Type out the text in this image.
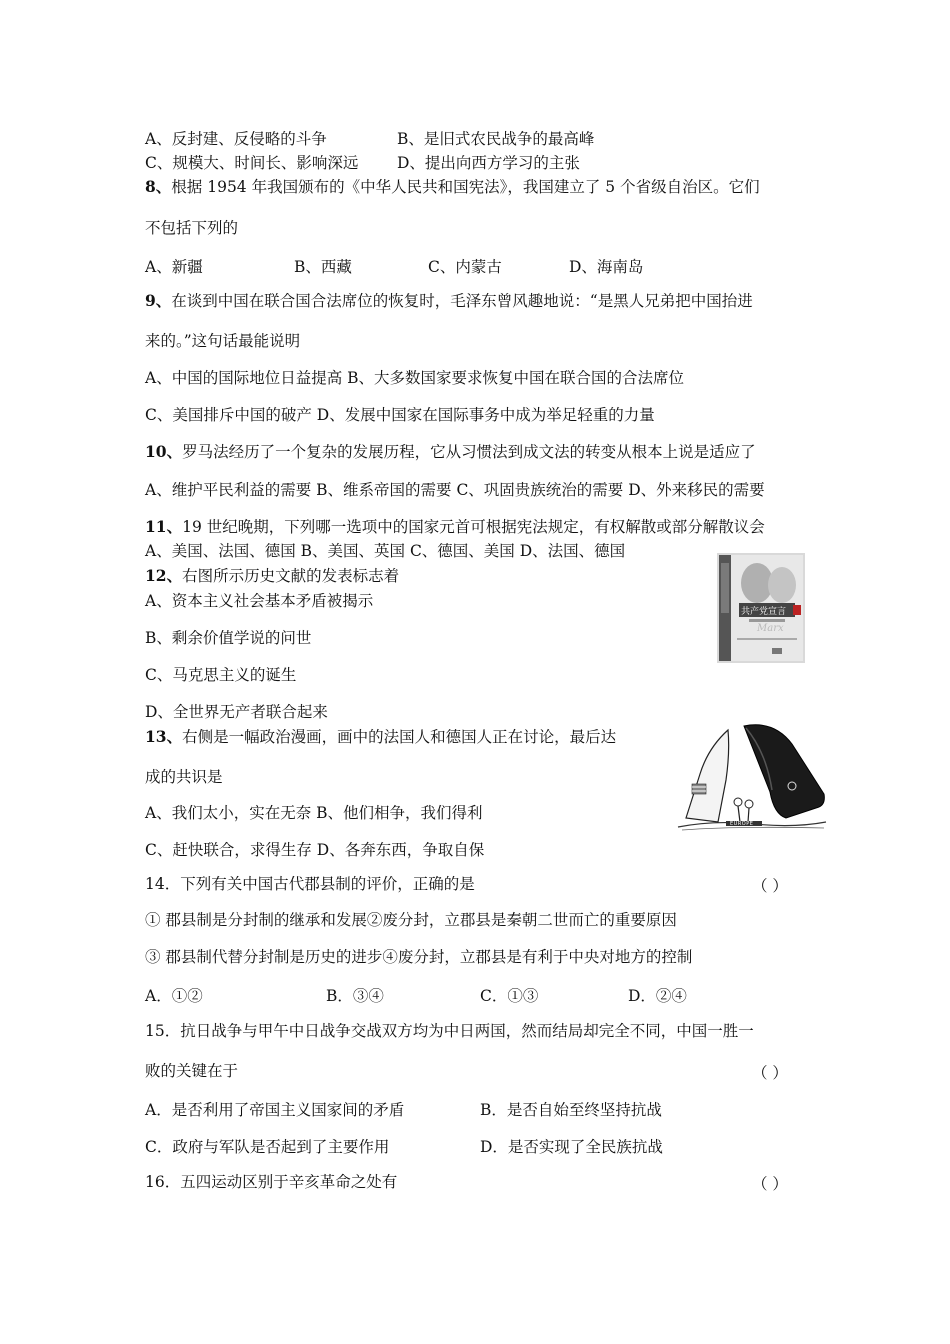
A、反封建、反侵略的斗争	B、是旧式农民战争的最高峰
C、规模大、时间长、影响深远 D、提出向西方学习的主张
8、根据 1954 年我国颁布的《中华人民共和国宪法》，我国建立了 5 个省级自治区。它们
不包括下列的
A、新疆	B、西藏	C、内蒙古	D、海南岛
9、在谈到中国在联合国合法席位的恢复时，毛泽东曾风趣地说：“是黑人兄弟把中国抬进
来的。”这句话最能说明
A、中国的国际地位日益提高 B、大多数国家要求恢复中国在联合国的合法席位
C、美国排斥中国的破产 D、发展中国家在国际事务中成为举足轻重的力量
10、罗马法经历了一个复杂的发展历程，它从习惯法到成文法的转变从根本上说是适应了
A、维护平民利益的需要 B、维系帝国的需要 C、巩固贵族统治的需要 D、外来移民的需要
11、19 世纪晚期，下列哪一选项中的国家元首可根据宪法规定，有权解散或部分解散议会
A、美国、法国、德国 B、美国、英国 C、德国、美国 D、法国、德国
12、右图所示历史文献的发表标志着
A、资本主义社会基本矛盾被揭示
B、剩余价值学说的问世
C、马克思主义的诞生
D、全世界无产者联合起来
共产党宣言
Marx
13、右侧是一幅政治漫画，画中的法国人和德国人正在讨论，最后达
成的共识是
A、我们太小，实在无奈 B、他们相争，我们得利
C、赶快联合，求得生存 D、各奔东西，争取自保
EUROPE
14．下列有关中国古代郡县制的评价，正确的是	（ ）
① 郡县制是分封制的继承和发展②废分封，立郡县是秦朝二世而亡的重要原因
③ 郡县制代替分封制是历史的进步④废分封，立郡县是有利于中央对地方的控制
A．①②	B．③④	C．①③	D．②④
15．抗日战争与甲午中日战争交战双方均为中日两国，然而结局却完全不同，中国一胜一
败的关键在于	（ ）
A．是否利用了帝国主义国家间的矛盾	B．是否自始至终坚持抗战
C．政府与军队是否起到了主要作用	D．是否实现了全民族抗战
16．五四运动区别于辛亥革命之处有	（ ）
